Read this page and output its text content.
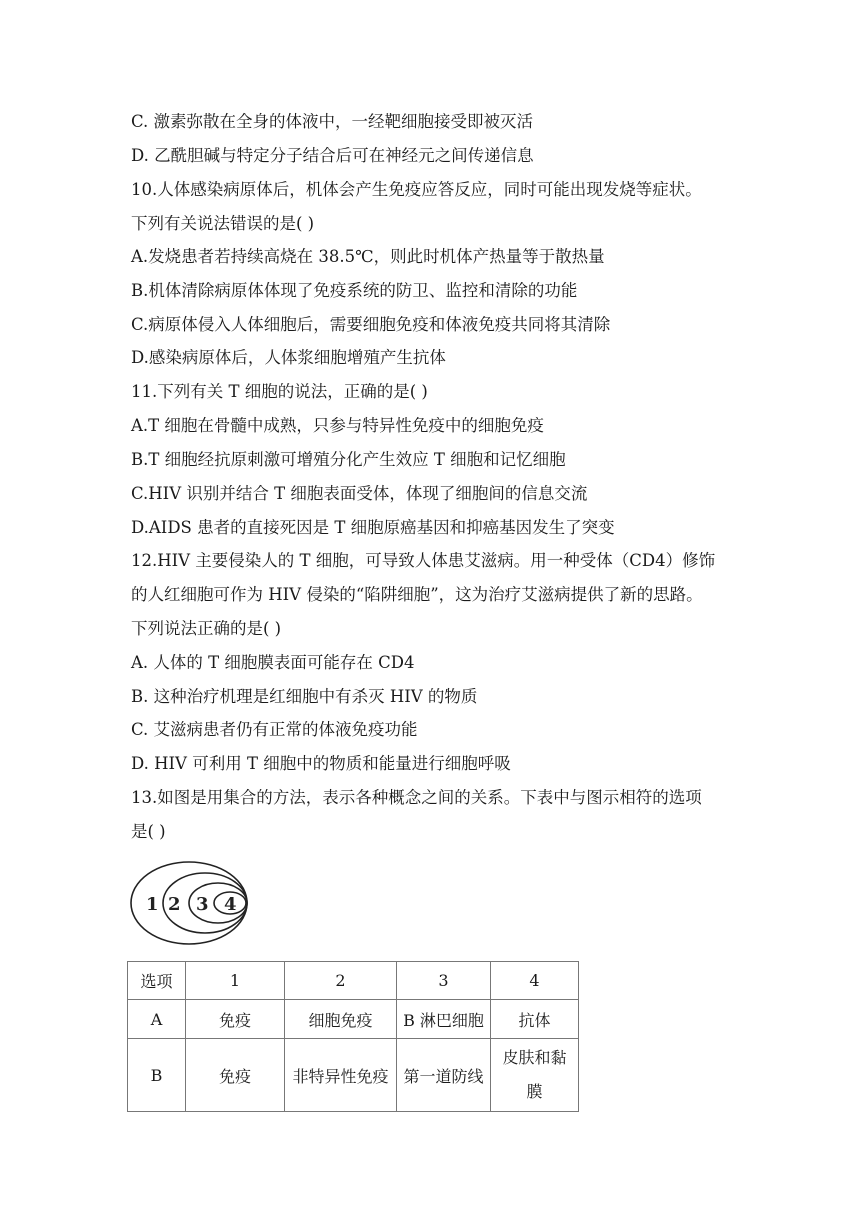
C. 激素弥散在全身的体液中，一经靶细胞接受即被灭活
D. 乙酰胆碱与特定分子结合后可在神经元之间传递信息
10.人体感染病原体后，机体会产生免疫应答反应，同时可能出现发烧等症状。
下列有关说法错误的是( )
A.发烧患者若持续高烧在 38.5℃，则此时机体产热量等于散热量
B.机体清除病原体体现了免疫系统的防卫、监控和清除的功能
C.病原体侵入人体细胞后，需要细胞免疫和体液免疫共同将其清除
D.感染病原体后，人体浆细胞增殖产生抗体
11.下列有关 T 细胞的说法，正确的是( )
A.T 细胞在骨髓中成熟，只参与特异性免疫中的细胞免疫
B.T 细胞经抗原刺激可增殖分化产生效应 T 细胞和记忆细胞
C.HIV 识别并结合 T 细胞表面受体，体现了细胞间的信息交流
D.AIDS 患者的直接死因是 T 细胞原癌基因和抑癌基因发生了突变
12.HIV 主要侵染人的 T 细胞，可导致人体患艾滋病。用一种受体（CD4）修饰
的人红细胞可作为 HIV 侵染的“陷阱细胞”，这为治疗艾滋病提供了新的思路。
下列说法正确的是( )
A. 人体的 T 细胞膜表面可能存在 CD4
B. 这种治疗机理是红细胞中有杀灭 HIV 的物质
C. 艾滋病患者仍有正常的体液免疫功能
D. HIV 可利用 T 细胞中的物质和能量进行细胞呼吸
13.如图是用集合的方法，表示各种概念之间的关系。下表中与图示相符的选项
是( )
1 2 3 4
选项	1	2	3	4
A	免疫	细胞免疫	B 淋巴细胞	抗体
B	免疫	非特异性免疫	第一道防线	皮肤和黏膜
